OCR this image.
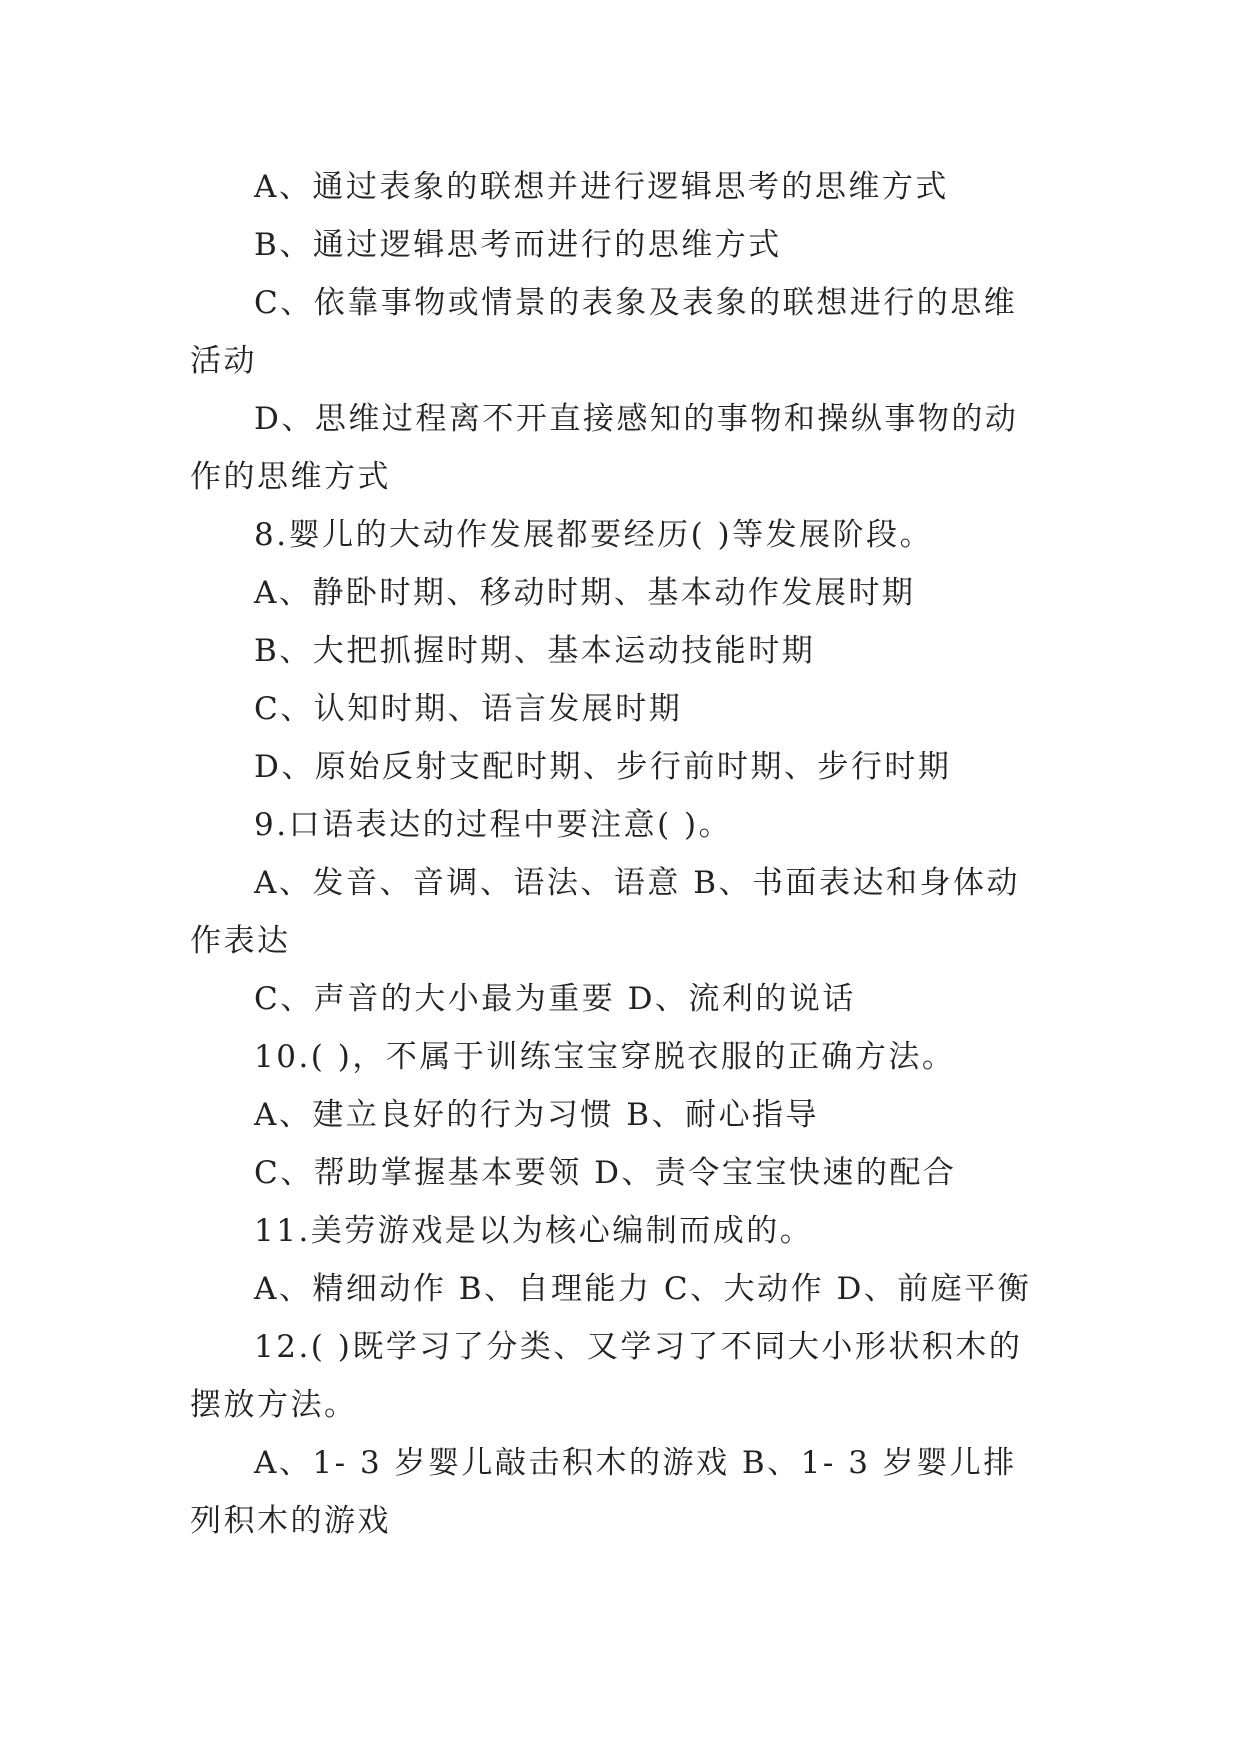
A、通过表象的联想并进行逻辑思考的思维方式

B、通过逻辑思考而进行的思维方式

C、依靠事物或情景的表象及表象的联想进行的思维活动

D、思维过程离不开直接感知的事物和操纵事物的动作的思维方式

8.婴儿的大动作发展都要经历( )等发展阶段。

A、静卧时期、移动时期、基本动作发展时期

B、大把抓握时期、基本运动技能时期

C、认知时期、语言发展时期

D、原始反射支配时期、步行前时期、步行时期

9.口语表达的过程中要注意( )。

A、发音、音调、语法、语意 B、书面表达和身体动作表达

C、声音的大小最为重要 D、流利的说话

10.( )，不属于训练宝宝穿脱衣服的正确方法。

A、建立良好的行为习惯 B、耐心指导

C、帮助掌握基本要领 D、责令宝宝快速的配合

11.美劳游戏是以为核心编制而成的。

A、精细动作 B、自理能力 C、大动作 D、前庭平衡

12.( )既学习了分类、又学习了不同大小形状积木的摆放方法。

A、1- 3 岁婴儿敲击积木的游戏 B、1- 3 岁婴儿排列积木的游戏
